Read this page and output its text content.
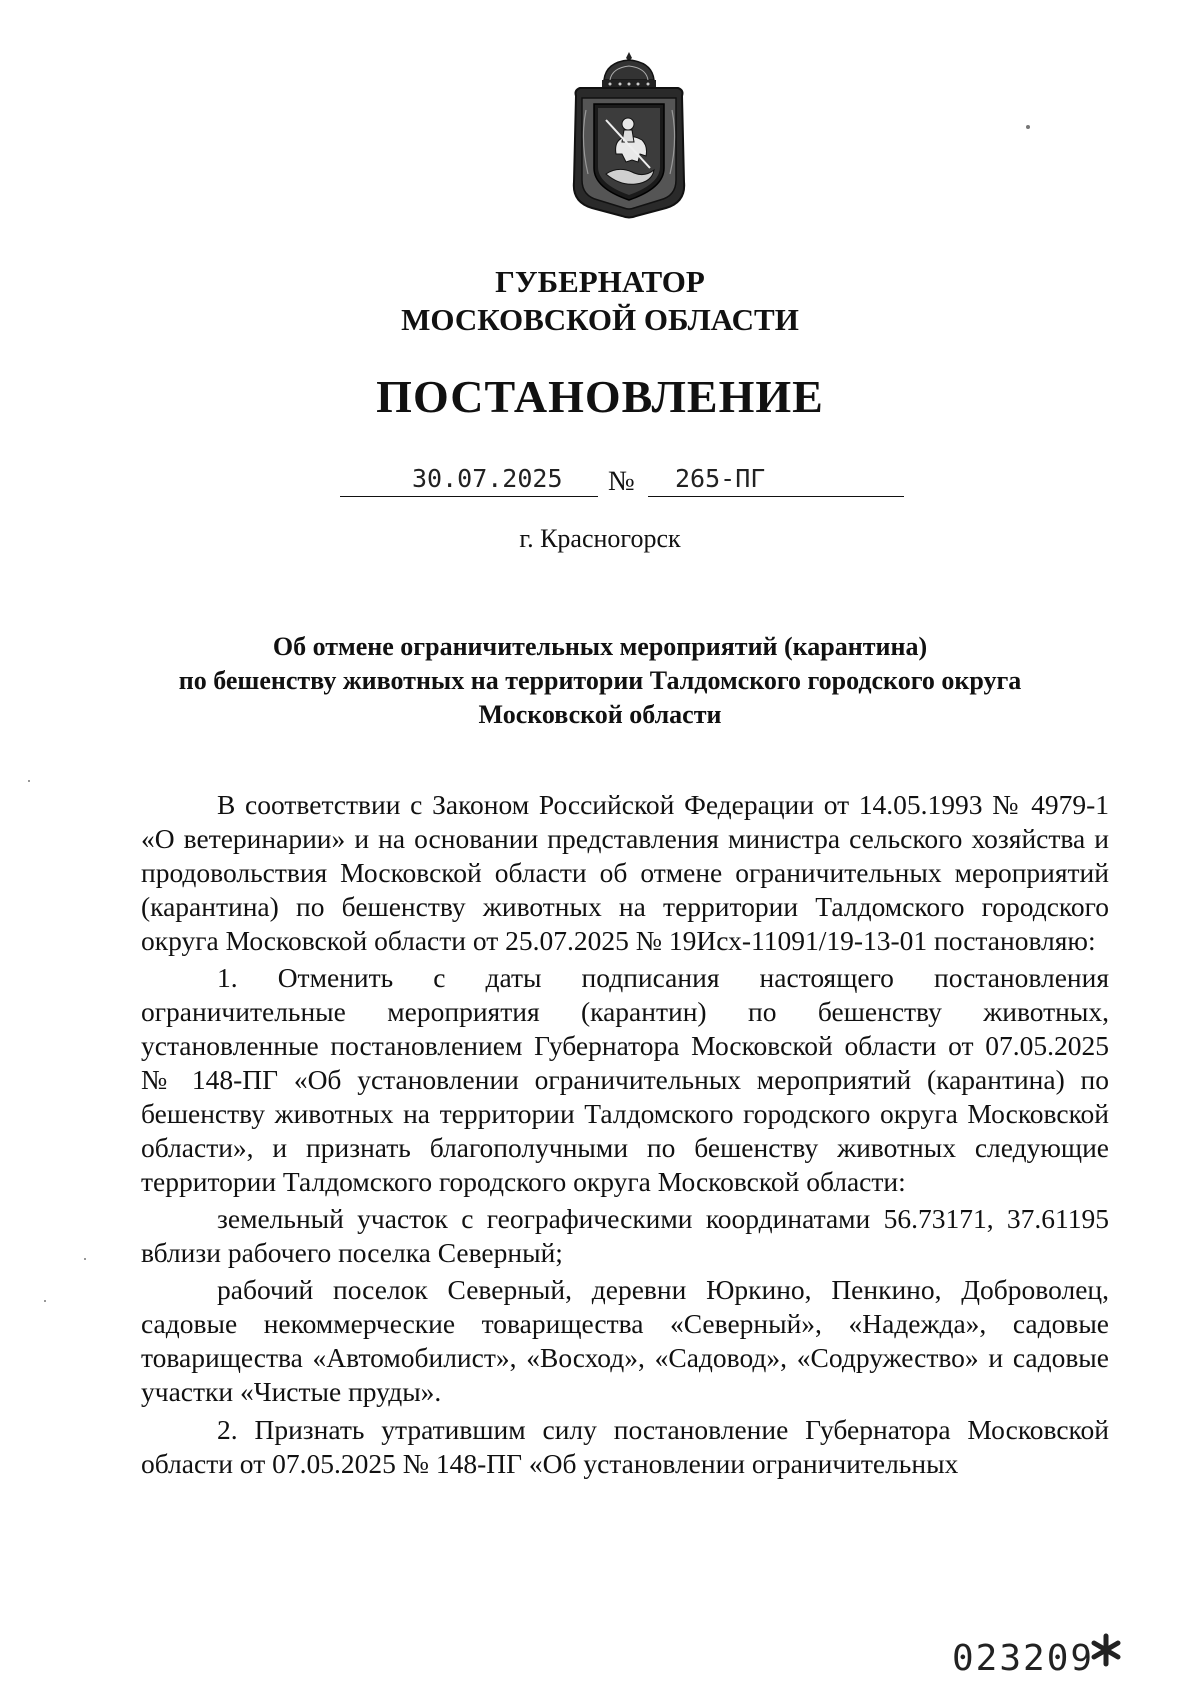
ГУБЕРНАТОР
МОСКОВСКОЙ ОБЛАСТИ
ПОСТАНОВЛЕНИЕ
30.07.2025 № 265-ПГ
г. Красногорск
Об отмене ограничительных мероприятий (карантина)
по бешенству животных на территории Талдомского городского округа
Московской области

В соответствии с Законом Российской Федерации от 14.05.1993 № 4979-1 «О ветеринарии» и на основании представления министра сельского хозяйства и продовольствия Московской области об отмене ограничительных мероприятий (карантина) по бешенству животных на территории Талдомского городского округа Московской области от 25.07.2025 № 19Исх-11091/19-13-01 постановляю:

1. Отменить с даты подписания настоящего постановления ограничительные мероприятия (карантин) по бешенству животных, установленные постановлением Губернатора Московской области от 07.05.2025 № 148-ПГ «Об установлении ограничительных мероприятий (карантина) по бешенству животных на территории Талдомского городского округа Московской области», и признать благополучными по бешенству животных следующие территории Талдомского городского округа Московской области:

земельный участок с географическими координатами 56.73171, 37.61195 вблизи рабочего поселка Северный;

рабочий поселок Северный, деревни Юркино, Пенкино, Доброволец, садовые некоммерческие товарищества «Северный», «Надежда», садовые товарищества «Автомобилист», «Восход», «Садовод», «Содружество» и садовые участки «Чистые пруды».

2. Признать утратившим силу постановление Губернатора Московской области от 07.05.2025 № 148-ПГ «Об установлении ограничительных

023209
